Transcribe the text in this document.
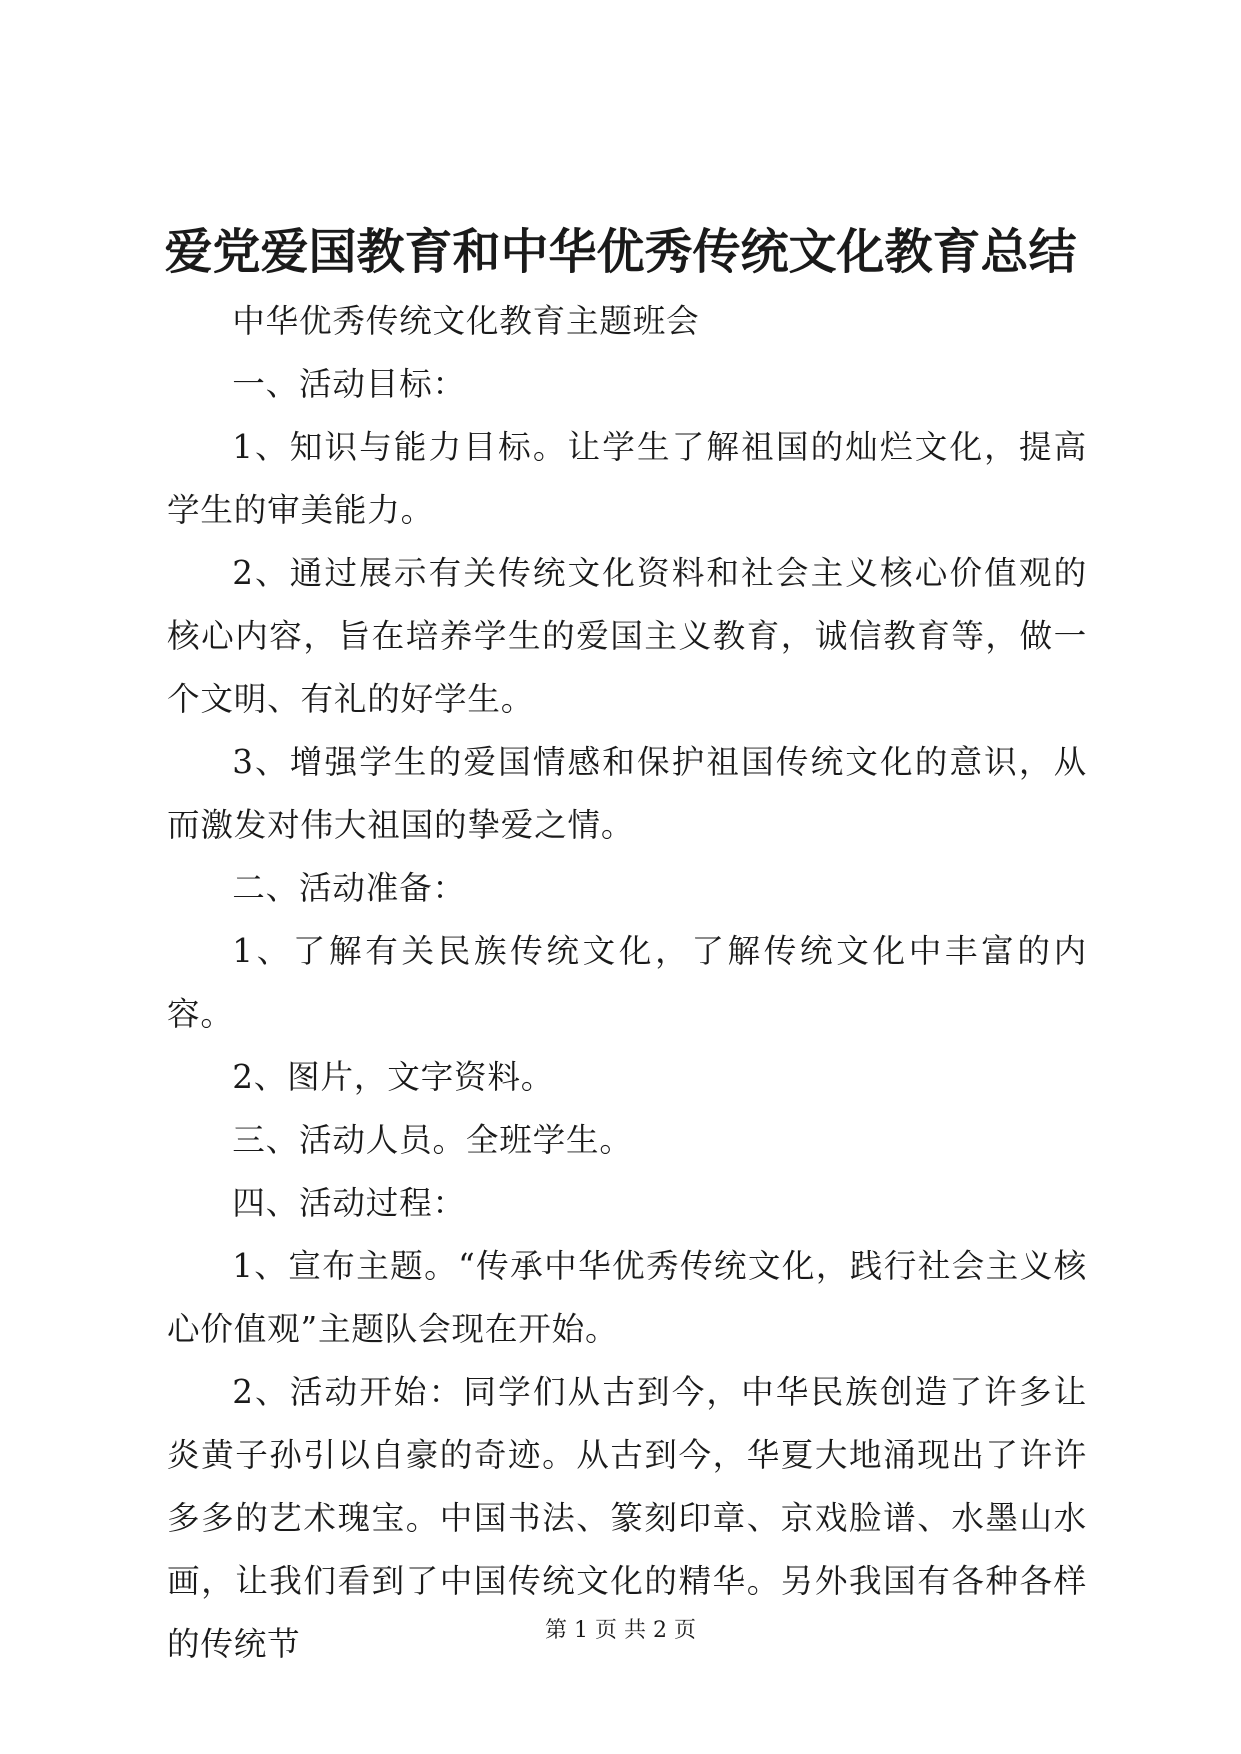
爱党爱国教育和中华优秀传统文化教育总结

中华优秀传统文化教育主题班会

一、活动目标：

1、知识与能力目标。让学生了解祖国的灿烂文化，提高学生的审美能力。

2、通过展示有关传统文化资料和社会主义核心价值观的核心内容，旨在培养学生的爱国主义教育，诚信教育等，做一个文明、有礼的好学生。

3、增强学生的爱国情感和保护祖国传统文化的意识，从而激发对伟大祖国的挚爱之情。

二、活动准备：

1、了解有关民族传统文化，了解传统文化中丰富的内容。

2、图片，文字资料。

三、活动人员。全班学生。

四、活动过程：

1、宣布主题。“传承中华优秀传统文化，践行社会主义核心价值观”主题队会现在开始。

2、活动开始：同学们从古到今，中华民族创造了许多让炎黄子孙引以自豪的奇迹。从古到今，华夏大地涌现出了许许多多的艺术瑰宝。中国书法、篆刻印章、京戏脸谱、水墨山水画，让我们看到了中国传统文化的精华。另外我国有各种各样的传统节	第 1 页 共 2 页
